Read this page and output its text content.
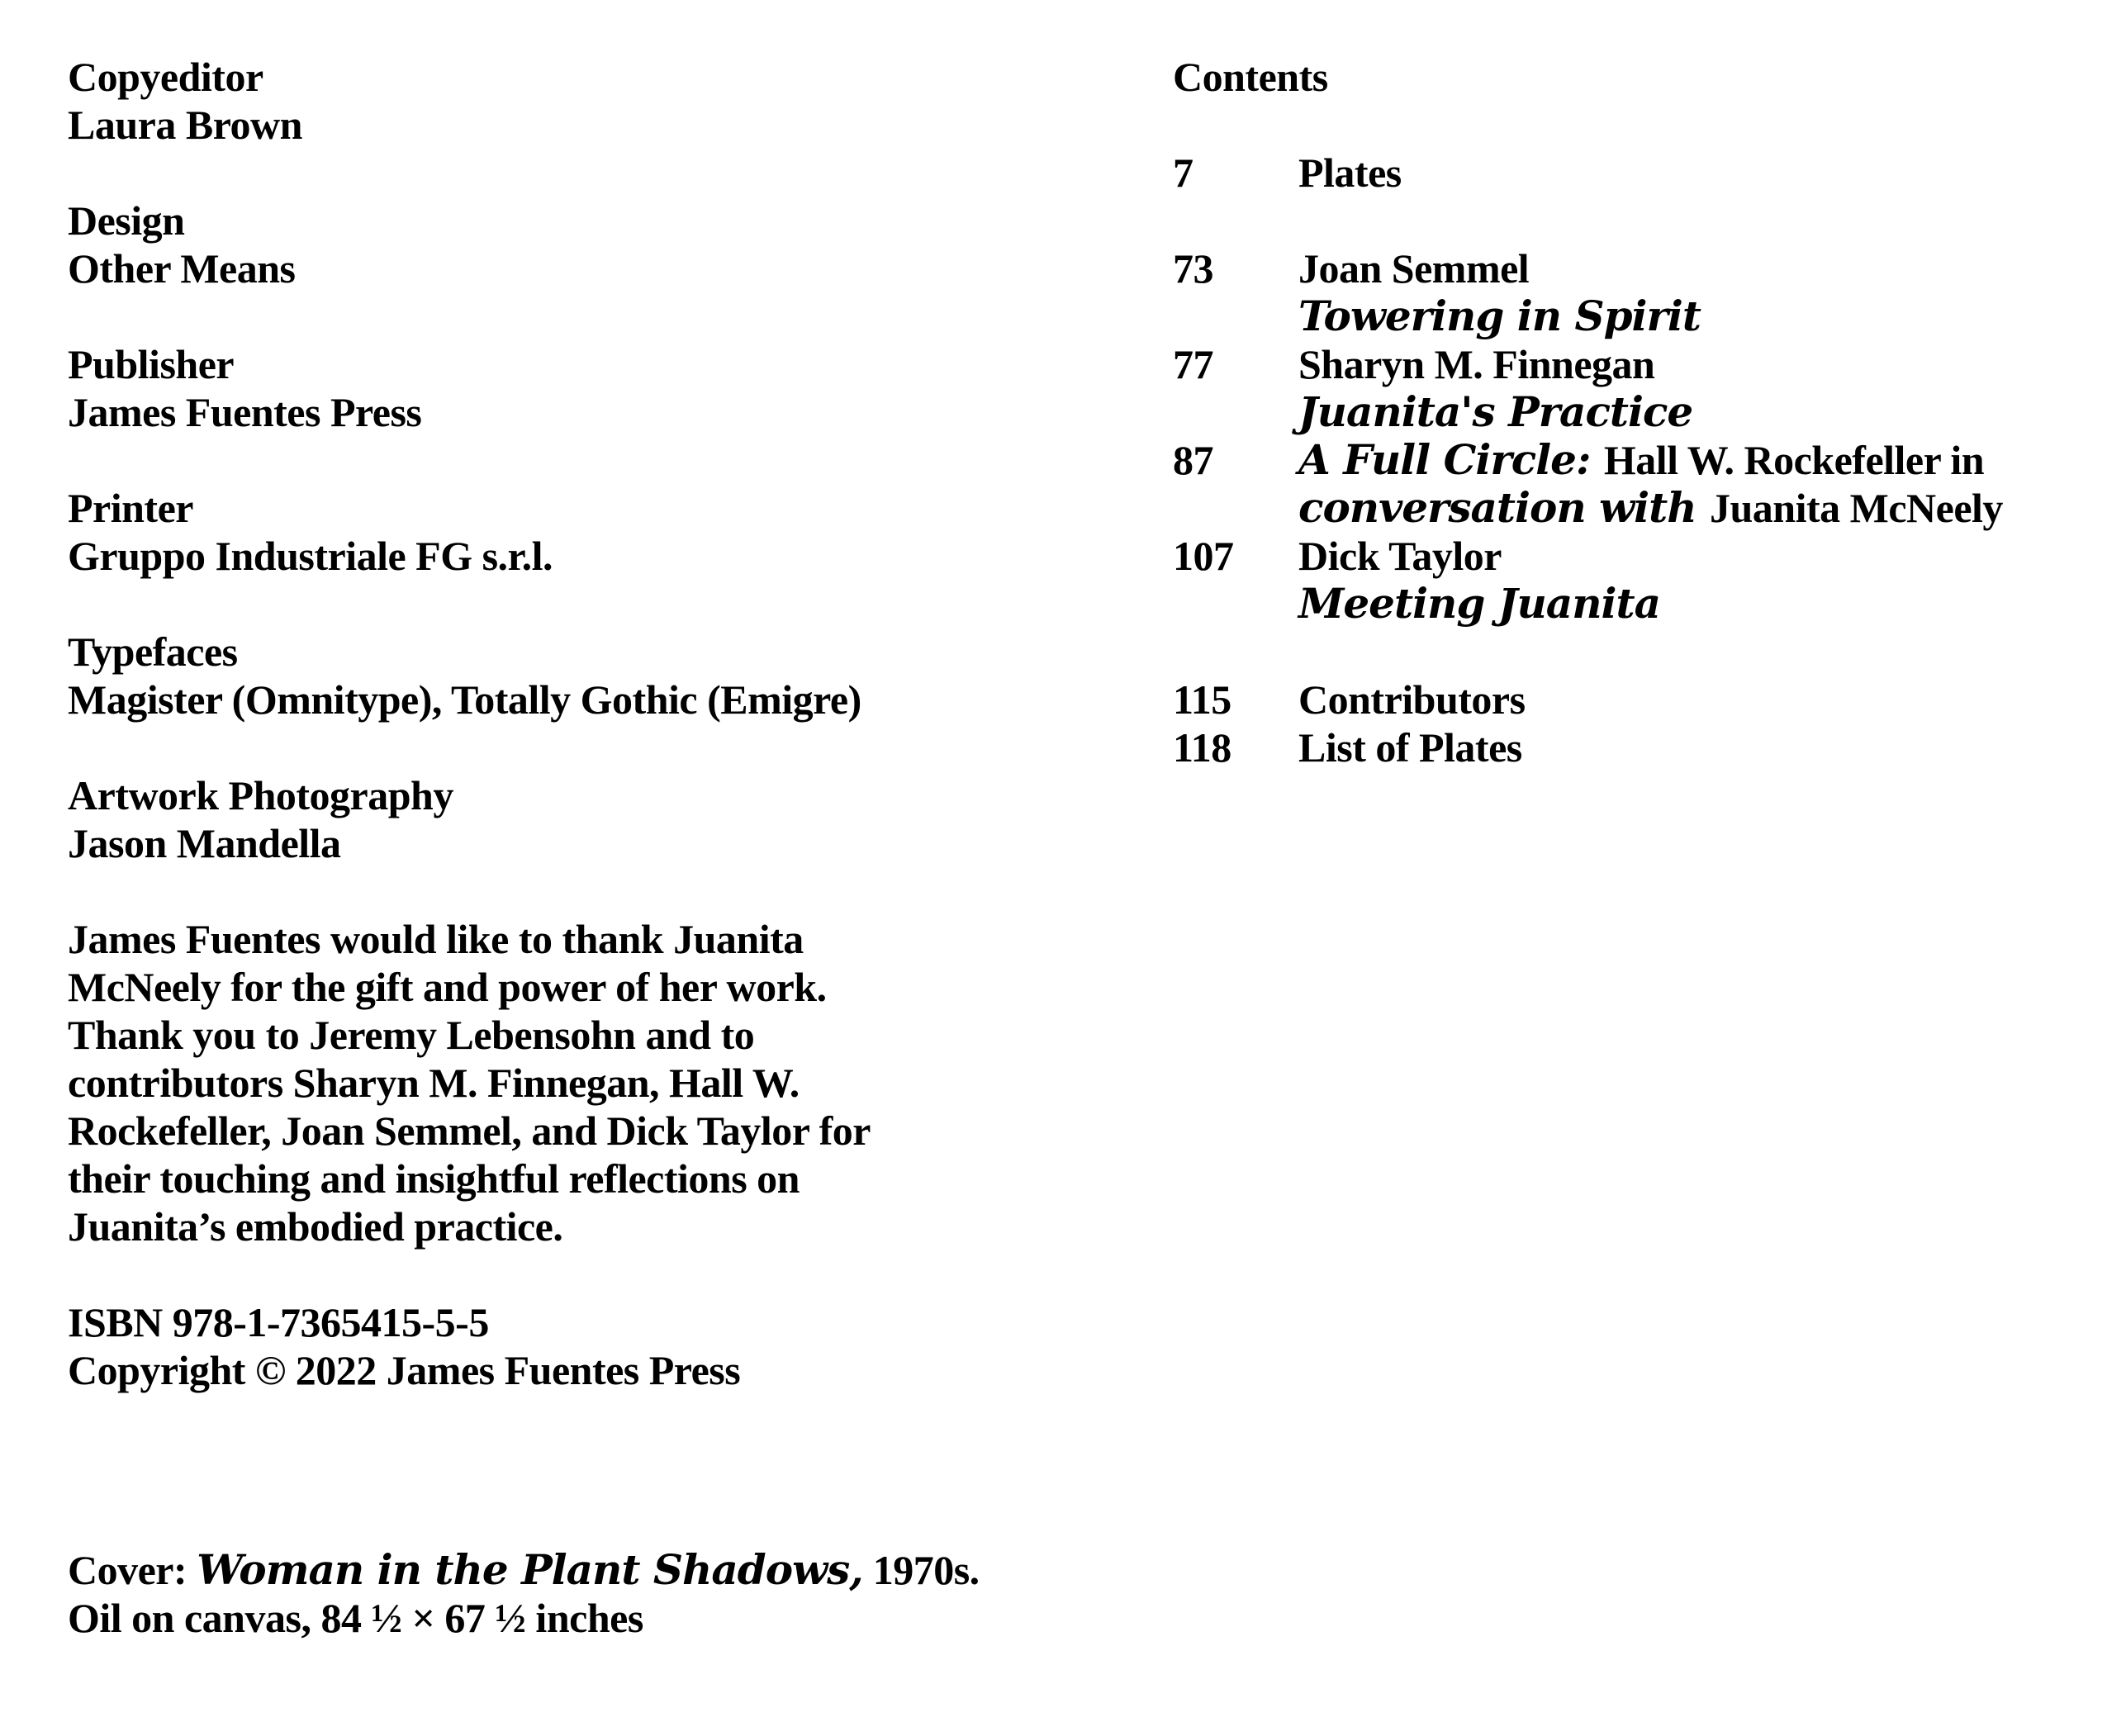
Copyeditor
Laura Brown
Design
Other Means
Publisher
James Fuentes Press
Printer
Gruppo Industriale FG s.r.l.
Typefaces
Magister (Omnitype), Totally Gothic (Emigre)
Artwork Photography
Jason Mandella
James Fuentes would like to thank Juanita
McNeely for the gift and power of her work.
Thank you to Jeremy Lebensohn and to
contributors Sharyn M. Finnegan, Hall W.
Rockefeller, Joan Semmel, and Dick Taylor for
their touching and insightful reflections on
Juanita’s embodied practice.
ISBN 978-1-7365415-5-5
Copyright © 2022 James Fuentes Press
Cover: Woman in the Plant Shadows, 1970s.
Oil on canvas, 84 ½ × 67 ½ inches
Contents
7	Plates
73	Joan Semmel
Towering in Spirit
77	Sharyn M. Finnegan
Juanita's Practice
87	A Full Circle: Hall W. Rockefeller in
conversation with Juanita McNeely
107	Dick Taylor
Meeting Juanita
115	Contributors
118	List of Plates
